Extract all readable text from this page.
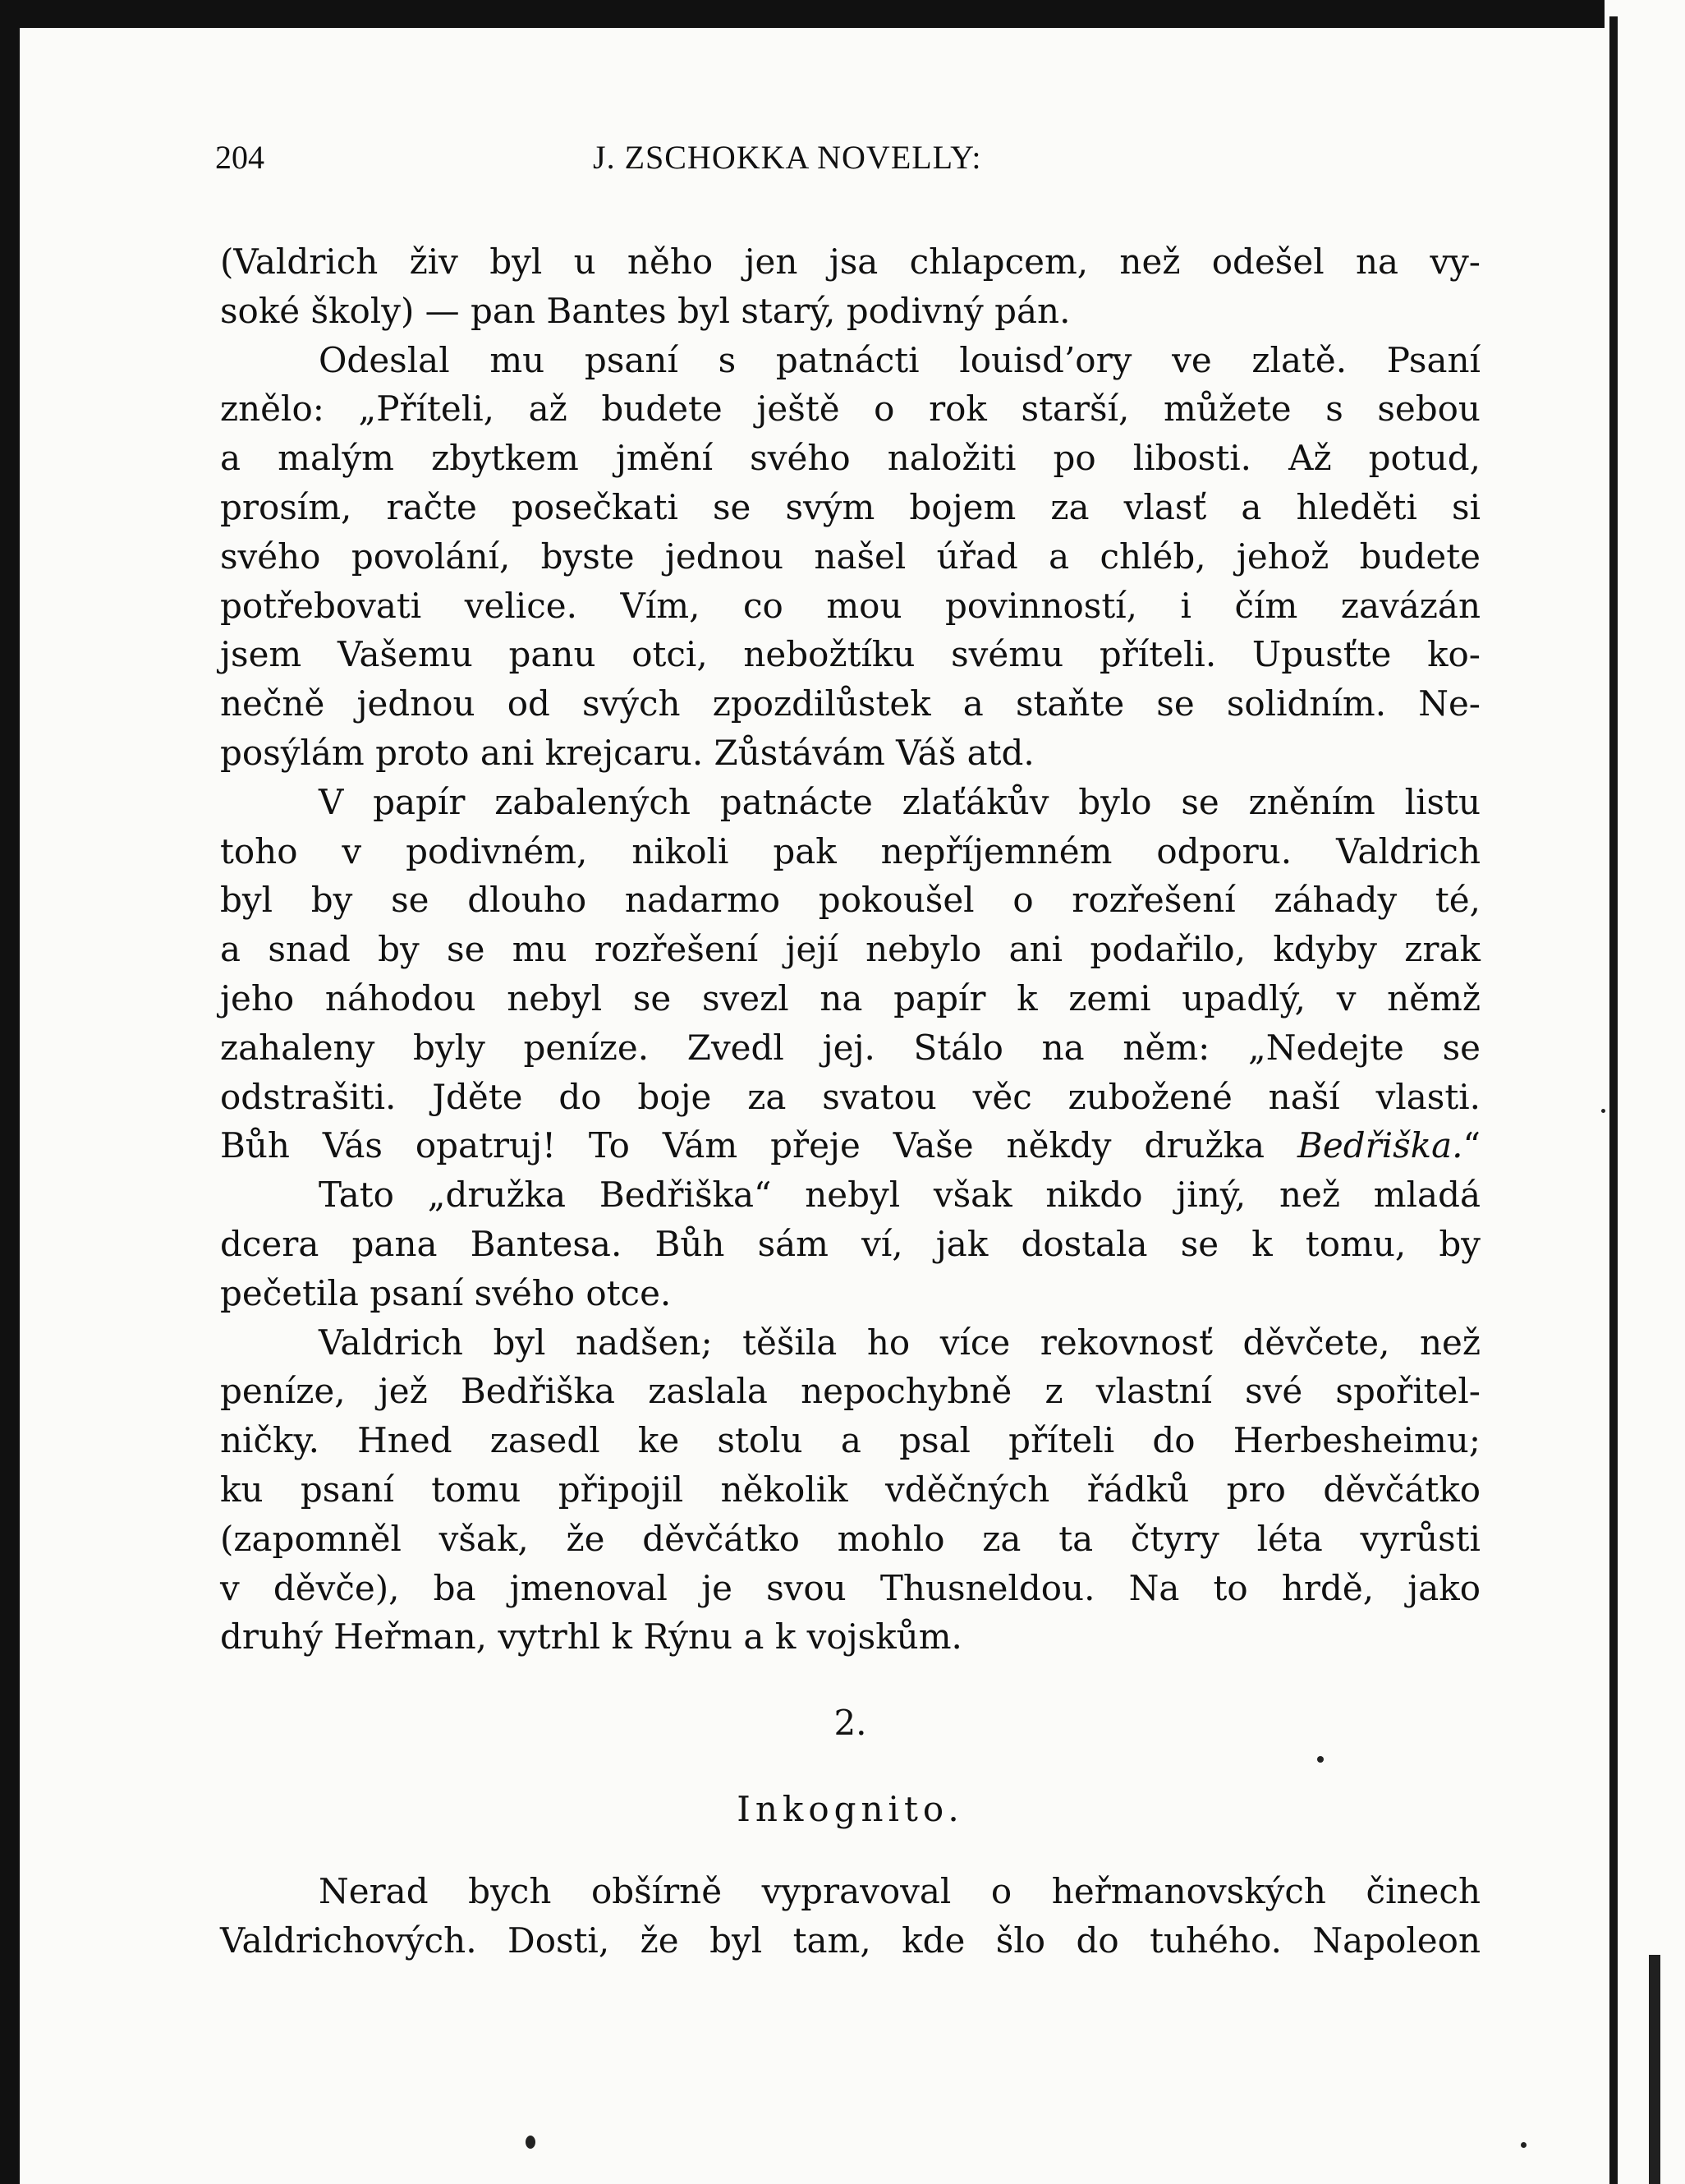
204	J. ZSCHOKKA NOVELLY:
(Valdrich živ byl u něho jen jsa chlapcem, než odešel na vy-
soké školy) — pan Bantes byl starý, podivný pán.
Odeslal mu psaní s patnácti louisd’ory ve zlatě. Psaní
znělo: „Příteli, až budete ještě o rok starší, můžete s sebou
a malým zbytkem jmění svého naložiti po libosti. Až potud,
prosím, račte posečkati se svým bojem za vlasť a hleděti si
svého povolání, byste jednou našel úřad a chléb, jehož budete
potřebovati velice. Vím, co mou povinností, i čím zavázán
jsem Vašemu panu otci, nebožtíku svému příteli. Upusťte ko-
nečně jednou od svých zpozdilůstek a staňte se solidním. Ne-
posýlám proto ani krejcaru. Zůstávám Váš atd.
V papír zabalených patnácte zlaťákův bylo se zněním listu
toho v podivném, nikoli pak nepříjemném odporu. Valdrich
byl by se dlouho nadarmo pokoušel o rozřešení záhady té,
a snad by se mu rozřešení její nebylo ani podařilo, kdyby zrak
jeho náhodou nebyl se svezl na papír k zemi upadlý, v němž
zahaleny byly peníze. Zvedl jej. Stálo na něm: „Nedejte se
odstrašiti. Jděte do boje za svatou věc zubožené naší vlasti.
Bůh Vás opatruj! To Vám přeje Vaše někdy družka Bedřiška.“
Tato „družka Bedřiška“ nebyl však nikdo jiný, než mladá
dcera pana Bantesa. Bůh sám ví, jak dostala se k tomu, by
pečetila psaní svého otce.
Valdrich byl nadšen; těšila ho více rekovnosť děvčete, než
peníze, jež Bedřiška zaslala nepochybně z vlastní své spořitel-
ničky. Hned zasedl ke stolu a psal příteli do Herbesheimu;
ku psaní tomu připojil několik vděčných řádků pro děvčátko
(zapomněl však, že děvčátko mohlo za ta čtyry léta vyrůsti
v děvče), ba jmenoval je svou Thusneldou. Na to hrdě, jako
druhý Heřman, vytrhl k Rýnu a k vojskům.
2.
Inkognito.
Nerad bych obšírně vypravoval o heřmanovských činech
Valdrichových. Dosti, že byl tam, kde šlo do tuhého. Napoleon
